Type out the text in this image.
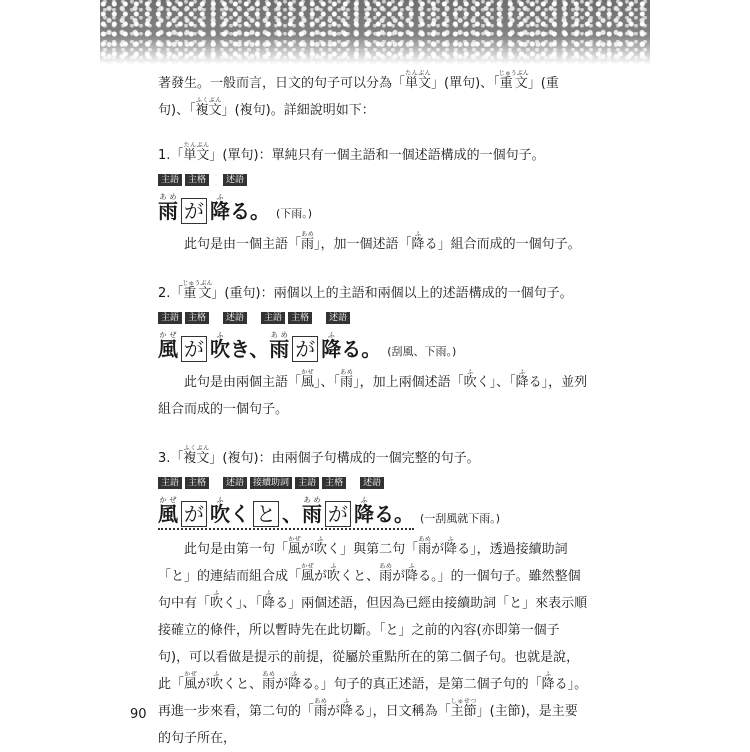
著發生。一般而言，日文的句子可以分為「単文たんぶん」(單句)、「重文じゅうぶん」(重句)、「複文ふくぶん」(複句)。詳細說明如下：

1.「単文たんぶん」(單句)：單純只有一個主語和一個述語構成的一個句子。

主語	主格	述語
雨あめが 降ふる。 (下雨。)

此句是由一個主語「雨あめ」，加一個述語「降ふる」組合而成的一個句子。

2.「重文じゅうぶん」(重句)：兩個以上的主語和兩個以上的述語構成的一個句子。

主語	主格	述語	主語	主格	述語
風かぜが 吹ふき、雨あめが 降ふる。 (刮風、下雨。)

此句是由兩個主語「風かぜ」、「雨あめ」，加上兩個述語「吹ふく」、「降ふる」，並列組合而成的一個句子。

3.「複文ふくぶん」(複句)：由兩個子句構成的一個完整的句子。

主語	主格	述語	接續助詞	主語	主格	述語
風かぜが 吹ふく と 、雨あめが 降ふる。 (一刮風就下雨。)

此句是由第一句「風かぜが吹ふく」與第二句「雨あめが降ふる」，透過接續助詞「と」的連結而組合成「風かぜが吹ふくと、雨あめが降ふる。」的一個句子。雖然整個句中有「吹ふく」、「降ふる」兩個述語，但因為已經由接續助詞「と」來表示順接確立的條件，所以暫時先在此切斷。「と」之前的內容(亦即第一個子句)，可以看做是提示的前提，從屬於重點所在的第二個子句。也就是說，此「風かぜが吹ふくと、雨あめが降ふる。」句子的真正述語，是第二個子句的「降ふる」。再進一步來看，第二句的「雨あめが降ふる」，日文稱為「主節しゅせつ」(主節)，是主要的句子所在，

90
